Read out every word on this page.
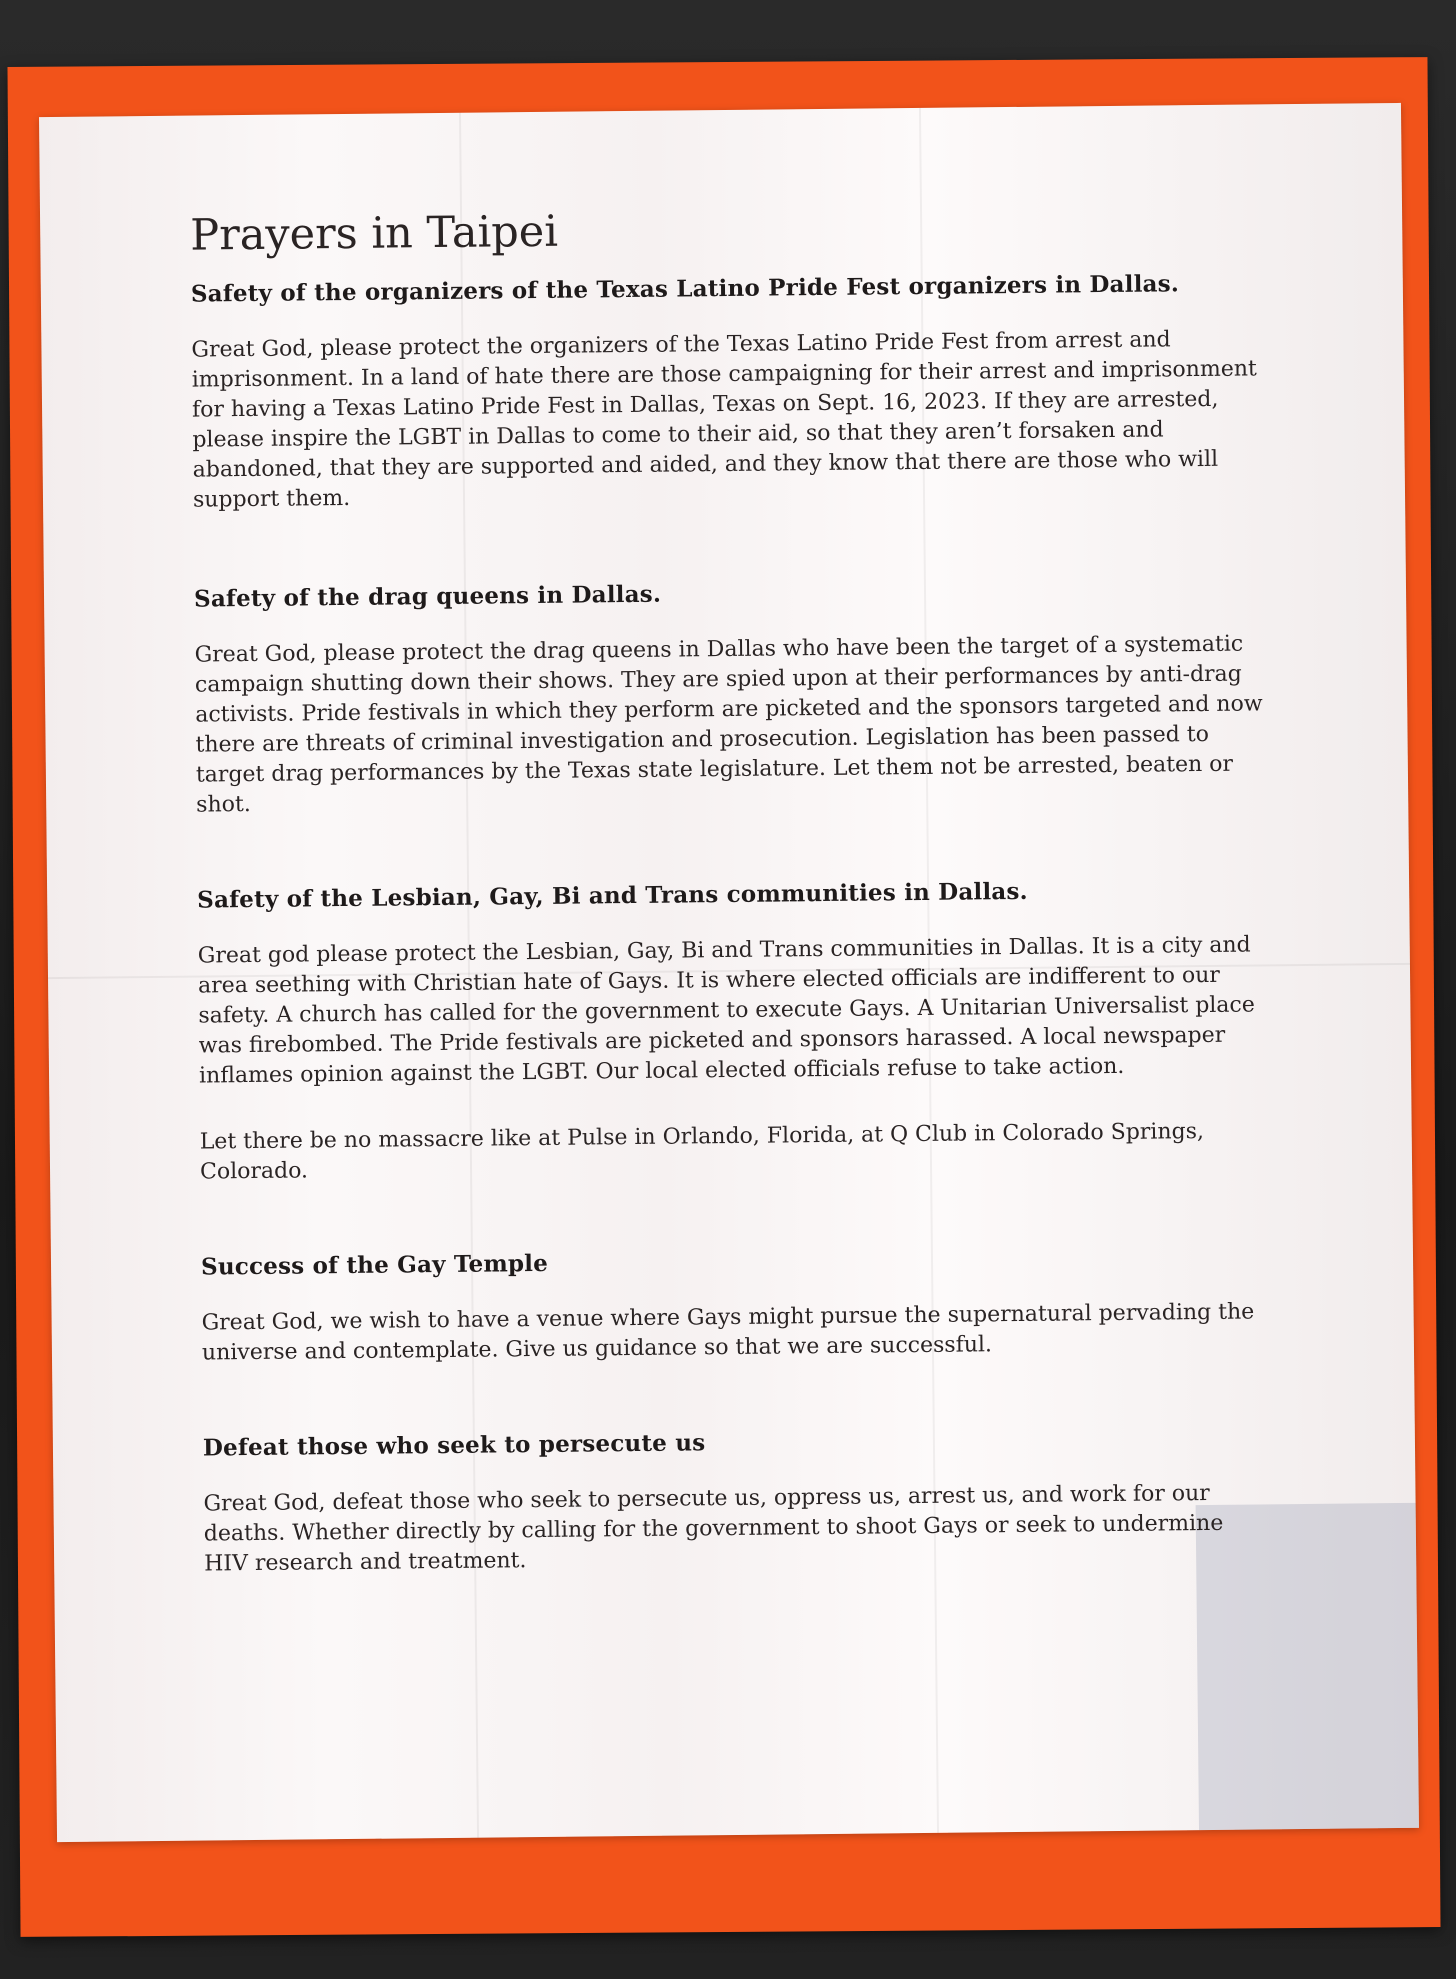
Prayers in Taipei
Safety of the organizers of the Texas Latino Pride Fest organizers in Dallas.

Great God, please protect the organizers of the Texas Latino Pride Fest from arrest and imprisonment. In a land of hate there are those campaigning for their arrest and imprisonment for having a Texas Latino Pride Fest in Dallas, Texas on Sept. 16, 2023. If they are arrested, please inspire the LGBT in Dallas to come to their aid, so that they aren’t forsaken and abandoned, that they are supported and aided, and they know that there are those who will support them.

Safety of the drag queens in Dallas.

Great God, please protect the drag queens in Dallas who have been the target of a systematic campaign shutting down their shows. They are spied upon at their performances by anti-drag activists. Pride festivals in which they perform are picketed and the sponsors targeted and now there are threats of criminal investigation and prosecution. Legislation has been passed to target drag performances by the Texas state legislature. Let them not be arrested, beaten or shot.

Safety of the Lesbian, Gay, Bi and Trans communities in Dallas.

Great god please protect the Lesbian, Gay, Bi and Trans communities in Dallas. It is a city and area seething with Christian hate of Gays. It is where elected officials are indifferent to our safety. A church has called for the government to execute Gays. A Unitarian Universalist place was firebombed. The Pride festivals are picketed and sponsors harassed. A local newspaper inflames opinion against the LGBT. Our local elected officials refuse to take action.

Let there be no massacre like at Pulse in Orlando, Florida, at Q Club in Colorado Springs, Colorado.

Success of the Gay Temple

Great God, we wish to have a venue where Gays might pursue the supernatural pervading the universe and contemplate. Give us guidance so that we are successful.

Defeat those who seek to persecute us

Great God, defeat those who seek to persecute us, oppress us, arrest us, and work for our deaths. Whether directly by calling for the government to shoot Gays or seek to undermine HIV research and treatment.
